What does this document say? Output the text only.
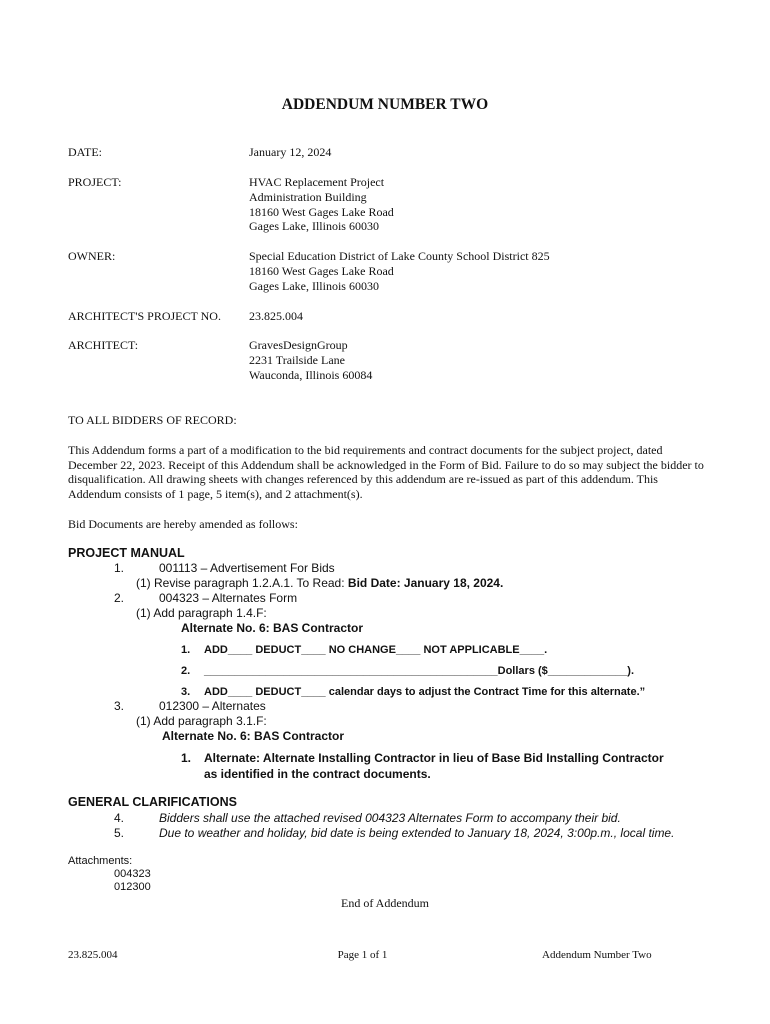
ADDENDUM NUMBER TWO
DATE:	January 12, 2024
PROJECT:	HVAC Replacement Project
Administration Building
18160 West Gages Lake Road
Gages Lake, Illinois 60030
OWNER:	Special Education District of Lake County School District 825
18160 West Gages Lake Road
Gages Lake, Illinois 60030
ARCHITECT'S PROJECT NO. 23.825.004
ARCHITECT:	GravesDesignGroup
2231 Trailside Lane
Wauconda, Illinois 60084
TO ALL BIDDERS OF RECORD:
This Addendum forms a part of a modification to the bid requirements and contract documents for the subject project, dated December 22, 2023. Receipt of this Addendum shall be acknowledged in the Form of Bid. Failure to do so may subject the bidder to disqualification. All drawing sheets with changes referenced by this addendum are re-issued as part of this addendum. This Addendum consists of 1 page, 5 item(s), and 2 attachment(s).
Bid Documents are hereby amended as follows:
PROJECT MANUAL
1.	001113 – Advertisement For Bids
(1) Revise paragraph 1.2.A.1. To Read: Bid Date: January 18, 2024.
2.	004323 – Alternates Form
(1) Add paragraph 1.4.F:
Alternate No. 6: BAS Contractor
1. ADD____ DEDUCT____ NO CHANGE____ NOT APPLICABLE____.
2. ________________________________________________Dollars ($_____________).
3. ADD____ DEDUCT____ calendar days to adjust the Contract Time for this alternate.”
3.	012300 – Alternates
(1) Add paragraph 3.1.F:
Alternate No. 6: BAS Contractor
1. Alternate: Alternate Installing Contractor in lieu of Base Bid Installing Contractor
as identified in the contract documents.
GENERAL CLARIFICATIONS
4.	Bidders shall use the attached revised 004323 Alternates Form to accompany their bid.
5.	Due to weather and holiday, bid date is being extended to January 18, 2024, 3:00p.m., local time.
Attachments:
004323
012300
End of Addendum
23.825.004	Page 1 of 1	Addendum Number Two
